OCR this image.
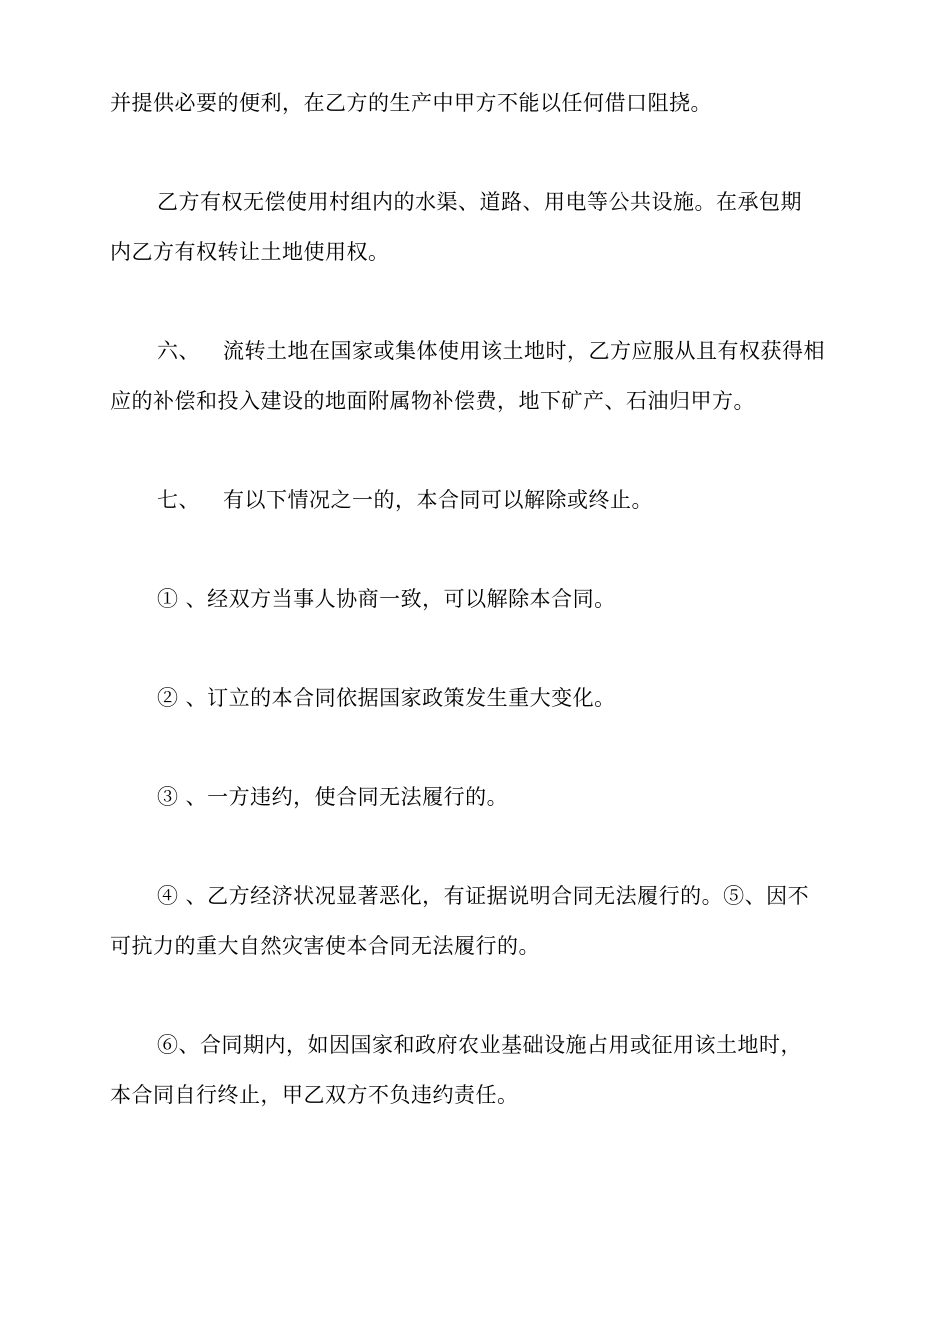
并提供必要的便利，在乙方的生产中甲方不能以任何借口阻挠。
乙方有权无偿使用村组内的水渠、道路、用电等公共设施。在承包期
内乙方有权转让土地使用权。
六、 流转土地在国家或集体使用该土地时，乙方应服从且有权获得相
应的补偿和投入建设的地面附属物补偿费，地下矿产、石油归甲方。
七、 有以下情况之一的，本合同可以解除或终止。
① 、经双方当事人协商一致，可以解除本合同。
② 、订立的本合同依据国家政策发生重大变化。
③ 、一方违约，使合同无法履行的。
④ 、乙方经济状况显著恶化，有证据说明合同无法履行的。⑤、因不
可抗力的重大自然灾害使本合同无法履行的。
⑥、合同期内，如因国家和政府农业基础设施占用或征用该土地时，
本合同自行终止，甲乙双方不负违约责任。
